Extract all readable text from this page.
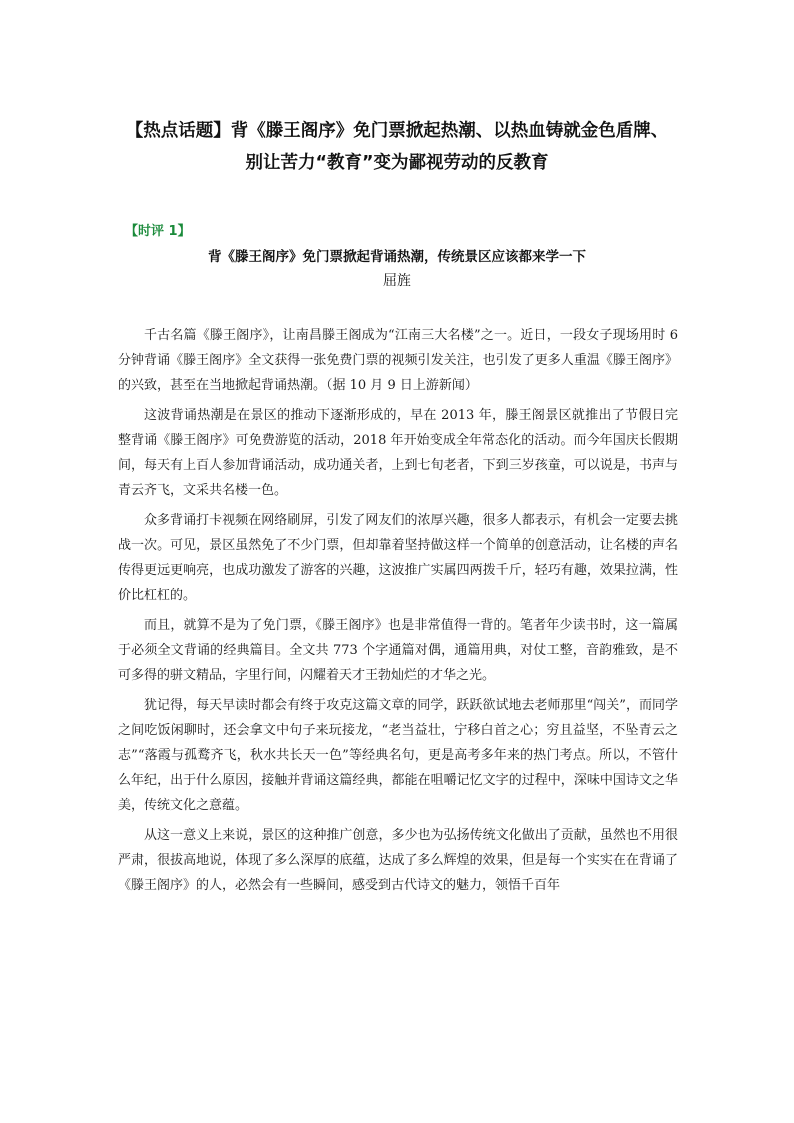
【热点话题】背《滕王阁序》免门票掀起热潮、以热血铸就金色盾牌、
别让苦力“教育”变为鄙视劳动的反教育
【时评 1】
背《滕王阁序》免门票掀起背诵热潮，传统景区应该都来学一下
屈旌

千古名篇《滕王阁序》，让南昌滕王阁成为“江南三大名楼”之一。近日，一段女子现场用时 6 分钟背诵《滕王阁序》全文获得一张免费门票的视频引发关注，也引发了更多人重温《滕王阁序》的兴致，甚至在当地掀起背诵热潮。（据 10 月 9 日上游新闻）

这波背诵热潮是在景区的推动下逐渐形成的，早在 2013 年，滕王阁景区就推出了节假日完整背诵《滕王阁序》可免费游览的活动，2018 年开始变成全年常态化的活动。而今年国庆长假期间，每天有上百人参加背诵活动，成功通关者，上到七旬老者，下到三岁孩童，可以说是，书声与青云齐飞，文采共名楼一色。

众多背诵打卡视频在网络刷屏，引发了网友们的浓厚兴趣，很多人都表示，有机会一定要去挑战一次。可见，景区虽然免了不少门票，但却靠着坚持做这样一个简单的创意活动，让名楼的声名传得更远更响亮，也成功激发了游客的兴趣，这波推广实属四两拨千斤，轻巧有趣，效果拉满，性价比杠杠的。

而且，就算不是为了免门票，《滕王阁序》也是非常值得一背的。笔者年少读书时，这一篇属于必须全文背诵的经典篇目。全文共 773 个字通篇对偶，通篇用典，对仗工整，音韵雅致，是不可多得的骈文精品，字里行间，闪耀着天才王勃灿烂的才华之光。

犹记得，每天早读时都会有终于攻克这篇文章的同学，跃跃欲试地去老师那里“闯关”，而同学之间吃饭闲聊时，还会拿文中句子来玩接龙，“老当益壮，宁移白首之心；穷且益坚，不坠青云之志”“落霞与孤鹜齐飞，秋水共长天一色”等经典名句，更是高考多年来的热门考点。所以，不管什么年纪，出于什么原因，接触并背诵这篇经典，都能在咀嚼记忆文字的过程中，深味中国诗文之华美，传统文化之意蕴。

从这一意义上来说，景区的这种推广创意，多少也为弘扬传统文化做出了贡献，虽然也不用很严肃，很拔高地说，体现了多么深厚的底蕴，达成了多么辉煌的效果，但是每一个实实在在背诵了《滕王阁序》的人，必然会有一些瞬间，感受到古代诗文的魅力，领悟千百年
